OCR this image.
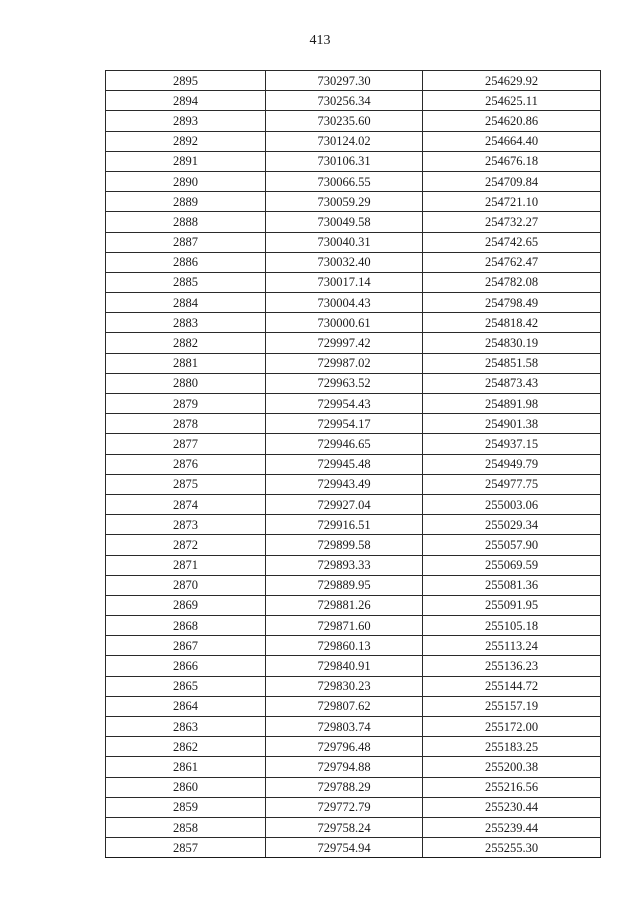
413
2895	730297.30	254629.92
2894	730256.34	254625.11
2893	730235.60	254620.86
2892	730124.02	254664.40
2891	730106.31	254676.18
2890	730066.55	254709.84
2889	730059.29	254721.10
2888	730049.58	254732.27
2887	730040.31	254742.65
2886	730032.40	254762.47
2885	730017.14	254782.08
2884	730004.43	254798.49
2883	730000.61	254818.42
2882	729997.42	254830.19
2881	729987.02	254851.58
2880	729963.52	254873.43
2879	729954.43	254891.98
2878	729954.17	254901.38
2877	729946.65	254937.15
2876	729945.48	254949.79
2875	729943.49	254977.75
2874	729927.04	255003.06
2873	729916.51	255029.34
2872	729899.58	255057.90
2871	729893.33	255069.59
2870	729889.95	255081.36
2869	729881.26	255091.95
2868	729871.60	255105.18
2867	729860.13	255113.24
2866	729840.91	255136.23
2865	729830.23	255144.72
2864	729807.62	255157.19
2863	729803.74	255172.00
2862	729796.48	255183.25
2861	729794.88	255200.38
2860	729788.29	255216.56
2859	729772.79	255230.44
2858	729758.24	255239.44
2857	729754.94	255255.30
